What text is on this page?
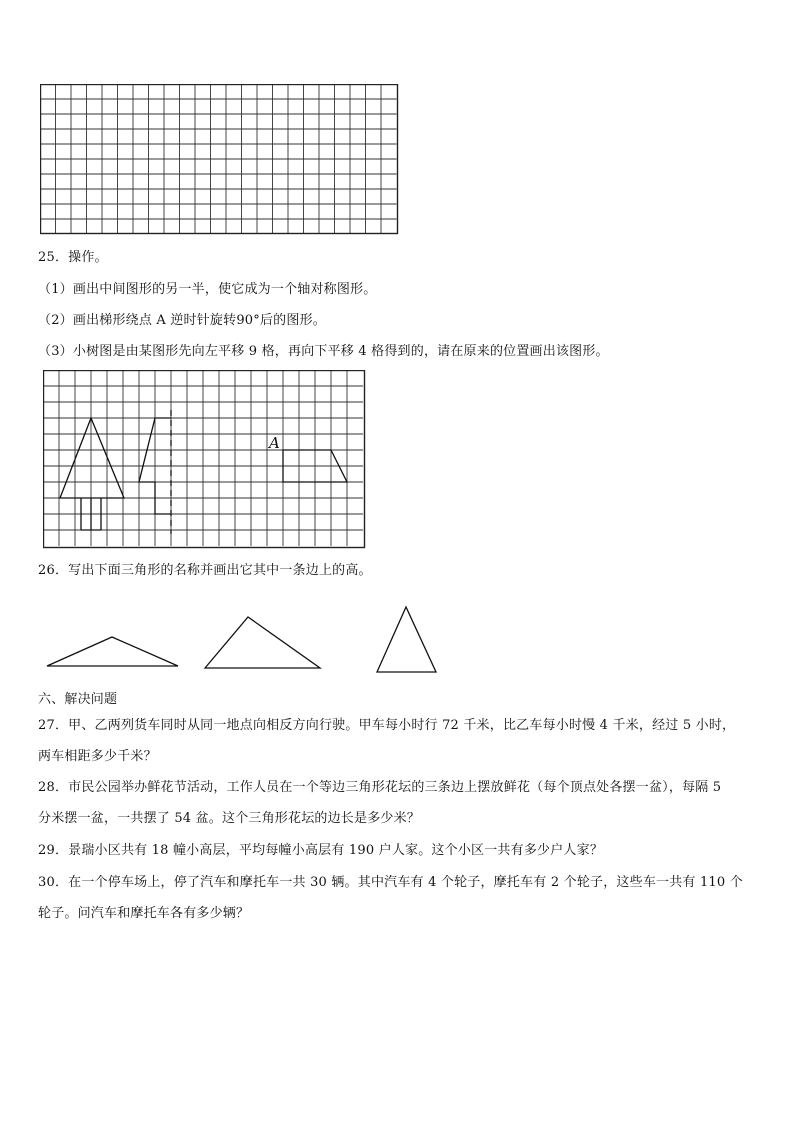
25．操作。
（1）画出中间图形的另一半，使它成为一个轴对称图形。
（2）画出梯形绕点 A 逆时针旋转90°后的图形。
（3）小树图是由某图形先向左平移 9 格，再向下平移 4 格得到的，请在原来的位置画出该图形。
A
26．写出下面三角形的名称并画出它其中一条边上的高。
六、解决问题
27．甲、乙两列货车同时从同一地点向相反方向行驶。甲车每小时行 72 千米，比乙车每小时慢 4 千米，经过 5 小时，
两车相距多少千米？
28．市民公园举办鲜花节活动，工作人员在一个等边三角形花坛的三条边上摆放鲜花（每个顶点处各摆一盆），每隔 5
分米摆一盆，一共摆了 54 盆。这个三角形花坛的边长是多少米？
29．景瑞小区共有 18 幢小高层，平均每幢小高层有 190 户人家。这个小区一共有多少户人家？
30．在一个停车场上，停了汽车和摩托车一共 30 辆。其中汽车有 4 个轮子，摩托车有 2 个轮子，这些车一共有 110 个
轮子。问汽车和摩托车各有多少辆？
